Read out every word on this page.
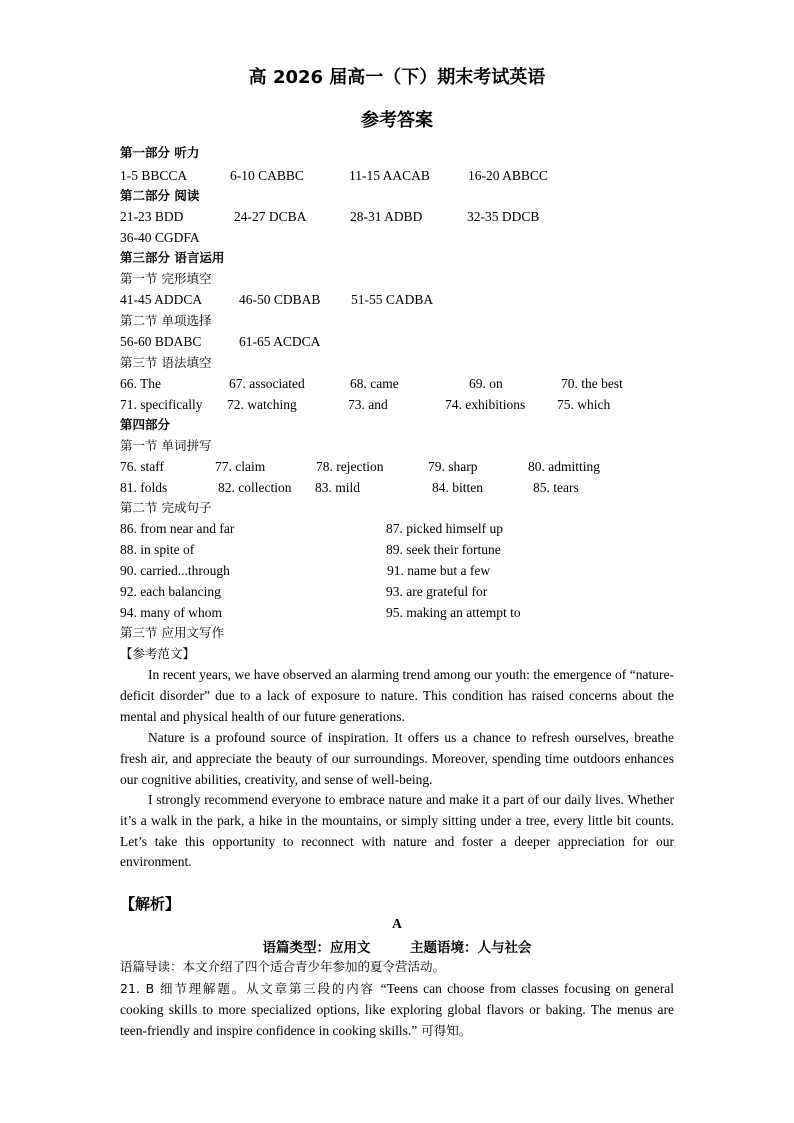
高 2026 届高一（下）期末考试英语
参考答案
第一部分 听力
1-5 BBCCA	6-10 CABBC	11-15 AACAB	16-20 ABBCC
第二部分 阅读
21-23 BDD	24-27 DCBA	28-31 ADBD	32-35 DDCB
36-40 CGDFA
第三部分 语言运用
第一节 完形填空
41-45 ADDCA	46-50 CDBAB 51-55 CADBA
第二节 单项选择
56-60 BDABC	61-65 ACDCA
第三节 语法填空
66. The	67. associated	68. came	69. on	70. the best
71. specifically 72. watching	73. and	74. exhibitions 75. which
第四部分
第一节 单词拼写
76. staff	77. claim	78. rejection	79. sharp	80. admitting
81. folds	82. collection 83. mild	84. bitten	85. tears
第二节 完成句子
86. from near and far	87. picked himself up
88. in spite of	89. seek their fortune
90. carried...through	91. name but a few
92. each balancing	93. are grateful for
94. many of whom	95. making an attempt to
第三节 应用文写作
【参考范文】

In recent years, we have observed an alarming trend among our youth: the emergence of “nature-deficit disorder” due to a lack of exposure to nature. This condition has raised concerns about the mental and physical health of our future generations.

Nature is a profound source of inspiration. It offers us a chance to refresh ourselves, breathe fresh air, and appreciate the beauty of our surroundings. Moreover, spending time outdoors enhances our cognitive abilities, creativity, and sense of well-being.

I strongly recommend everyone to embrace nature and make it a part of our daily lives. Whether it’s a walk in the park, a hike in the mountains, or simply sitting under a tree, every little bit counts. Let’s take this opportunity to reconnect with nature and foster a deeper appreciation for our environment.

【解析】
A
语篇类型：应用文	主题语境：人与社会
语篇导读：本文介绍了四个适合青少年参加的夏令营活动。

21. B 细节理解题。从文章第三段的内容 “Teens can choose from classes focusing on general cooking skills to more specialized options, like exploring global flavors or baking. The menus are teen-friendly and inspire confidence in cooking skills.” 可得知。
